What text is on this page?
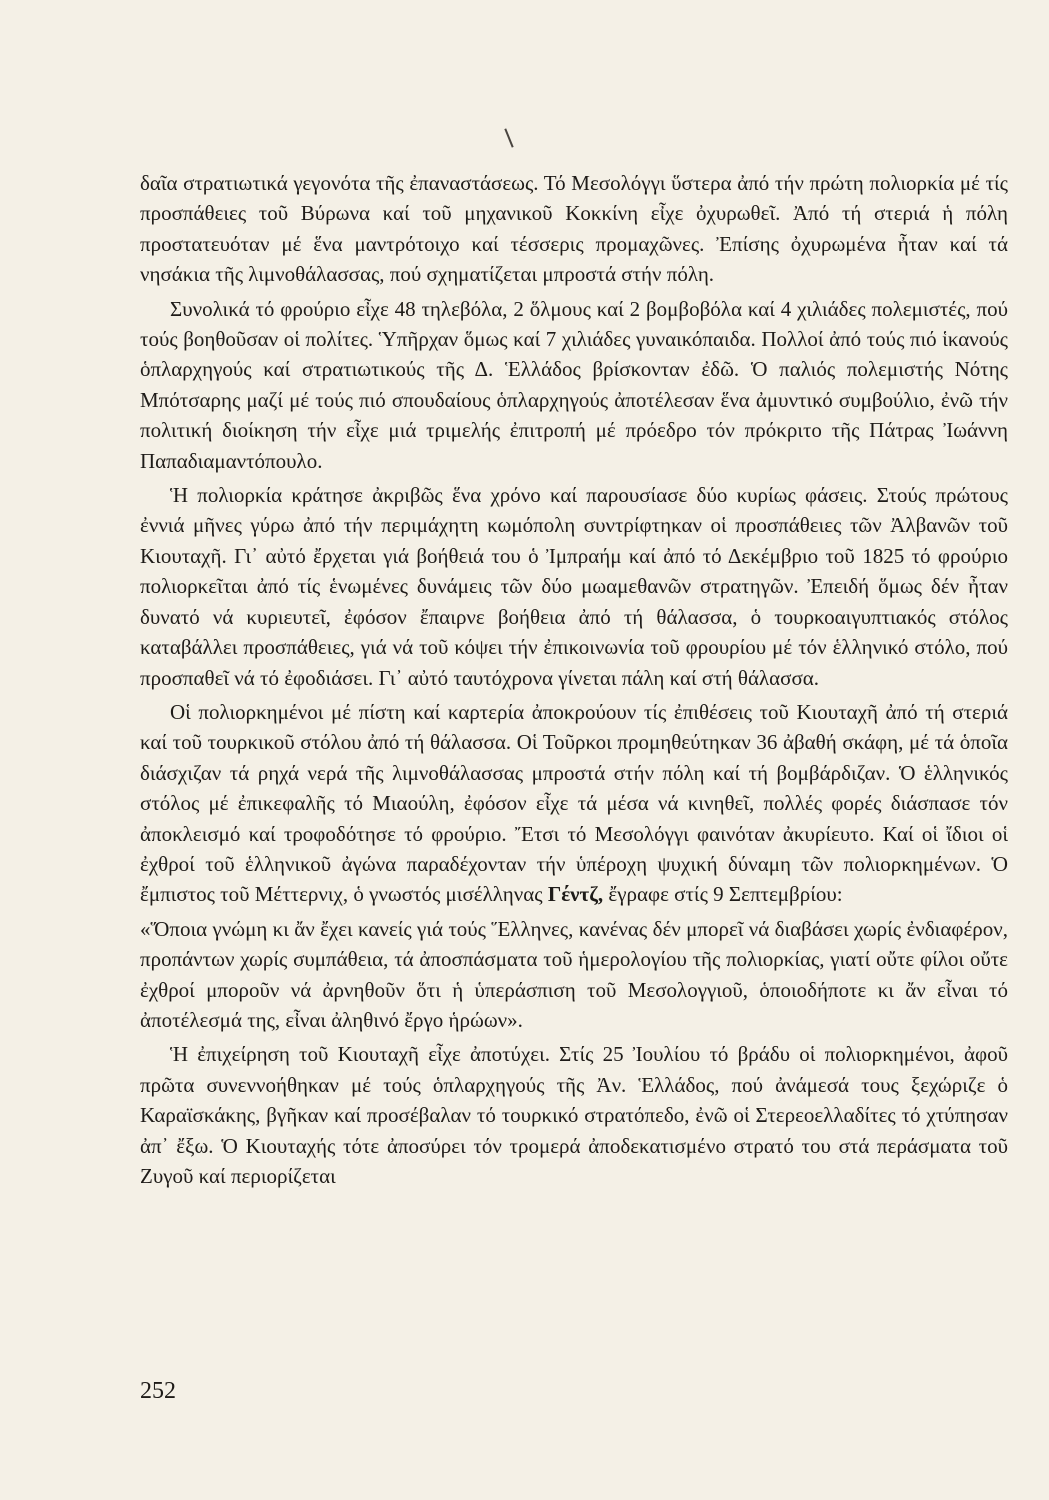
δαῖα στρατιωτικά γεγονότα τῆς ἐπαναστάσεως. Τό Μεσολόγγι ὕστερα ἀπό τήν πρώτη πολιορκία μέ τίς προσπάθειες τοῦ Βύρωνα καί τοῦ μηχανικοῦ Κοκκίνη εἶχε ὀχυρωθεῖ. Ἀπό τή στεριά ἡ πόλη προστατευόταν μέ ἕνα μαντρότοιχο καί τέσσερις προμαχῶνες. Ἐπίσης ὀχυρωμένα ἦταν καί τά νησάκια τῆς λιμνοθάλασσας, πού σχηματίζεται μπροστά στήν πόλη.

Συνολικά τό φρούριο εἶχε 48 τηλεβόλα, 2 ὅλμους καί 2 βομβοβόλα καί 4 χιλιάδες πολεμιστές, πού τούς βοηθοῦσαν οἱ πολίτες. Ὑπῆρχαν ὅμως καί 7 χιλιάδες γυναικόπαιδα. Πολλοί ἀπό τούς πιό ἱκανούς ὁπλαρχηγούς καί στρατιωτικούς τῆς Δ. Ἑλλάδος βρίσκονταν ἐδῶ. Ὁ παλιός πολεμιστής Νότης Μπότσαρης μαζί μέ τούς πιό σπουδαίους ὁπλαρχηγούς ἀποτέλεσαν ἕνα ἀμυντικό συμβούλιο, ἐνῶ τήν πολιτική διοίκηση τήν εἶχε μιά τριμελής ἐπιτροπή μέ πρόεδρο τόν πρόκριτο τῆς Πάτρας Ἰωάννη Παπαδιαμαντόπουλο.

Ἡ πολιορκία κράτησε ἀκριβῶς ἕνα χρόνο καί παρουσίασε δύο κυρίως φάσεις. Στούς πρώτους ἐννιά μῆνες γύρω ἀπό τήν περιμάχητη κωμόπολη συντρίφτηκαν οἱ προσπάθειες τῶν Ἀλβανῶν τοῦ Κιουταχῆ. Γι᾽ αὐτό ἔρχεται γιά βοήθειά του ὁ Ἰμπραήμ καί ἀπό τό Δεκέμβριο τοῦ 1825 τό φρούριο πολιορκεῖται ἀπό τίς ἑνωμένες δυνάμεις τῶν δύο μωαμεθανῶν στρατηγῶν. Ἐπειδή ὅμως δέν ἦταν δυνατό νά κυριευτεῖ, ἐφόσον ἔπαιρνε βοήθεια ἀπό τή θάλασσα, ὁ τουρκοαιγυπτιακός στόλος καταβάλλει προσπάθειες, γιά νά τοῦ κόψει τήν ἐπικοινωνία τοῦ φρουρίου μέ τόν ἑλληνικό στόλο, πού προσπαθεῖ νά τό ἐφοδιάσει. Γι᾽ αὐτό ταυτόχρονα γίνεται πάλη καί στή θάλασσα.

Οἱ πολιορκημένοι μέ πίστη καί καρτερία ἀποκρούουν τίς ἐπιθέσεις τοῦ Κιουταχῆ ἀπό τή στεριά καί τοῦ τουρκικοῦ στόλου ἀπό τή θάλασσα. Οἱ Τοῦρκοι προμηθεύτηκαν 36 ἀβαθή σκάφη, μέ τά ὁποῖα διάσχιζαν τά ρηχά νερά τῆς λιμνοθάλασσας μπροστά στήν πόλη καί τή βομβάρδιζαν. Ὁ ἑλληνικός στόλος μέ ἐπικεφαλῆς τό Μιαούλη, ἐφόσον εἶχε τά μέσα νά κινηθεῖ, πολλές φορές διάσπασε τόν ἀποκλεισμό καί τροφοδότησε τό φρούριο. Ἔτσι τό Μεσολόγγι φαινόταν ἀκυρίευτο. Καί οἱ ἴδιοι οἱ ἐχθροί τοῦ ἑλληνικοῦ ἀγώνα παραδέχονταν τήν ὑπέροχη ψυχική δύναμη τῶν πολιορκημένων. Ὁ ἔμπιστος τοῦ Μέττερνιχ, ὁ γνωστός μισέλληνας Γέντζ, ἔγραφε στίς 9 Σεπτεμβρίου:

«Ὅποια γνώμη κι ἄν ἔχει κανείς γιά τούς Ἕλληνες, κανένας δέν μπορεῖ νά διαβάσει χωρίς ἐνδιαφέρον, προπάντων χωρίς συμπάθεια, τά ἀποσπάσματα τοῦ ἡμερολογίου τῆς πολιορκίας, γιατί οὔτε φίλοι οὔτε ἐχθροί μποροῦν νά ἀρνηθοῦν ὅτι ἡ ὑπεράσπιση τοῦ Μεσολογγιοῦ, ὁποιοδήποτε κι ἄν εἶναι τό ἀποτέλεσμά της, εἶναι ἀληθινό ἔργο ἡρώων».

Ἡ ἐπιχείρηση τοῦ Κιουταχῆ εἶχε ἀποτύχει. Στίς 25 Ἰουλίου τό βράδυ οἱ πολιορκημένοι, ἀφοῦ πρῶτα συνεννοήθηκαν μέ τούς ὁπλαρχηγούς τῆς Ἀν. Ἑλλάδος, πού ἀνάμεσά τους ξεχώριζε ὁ Καραϊσκάκης, βγῆκαν καί προσέβαλαν τό τουρκικό στρατόπεδο, ἐνῶ οἱ Στερεοελλαδίτες τό χτύπησαν ἀπ᾽ ἔξω. Ὁ Κιουταχής τότε ἀποσύρει τόν τρομερά ἀποδεκατισμένο στρατό του στά περάσματα τοῦ Ζυγοῦ καί περιορίζεται

252
